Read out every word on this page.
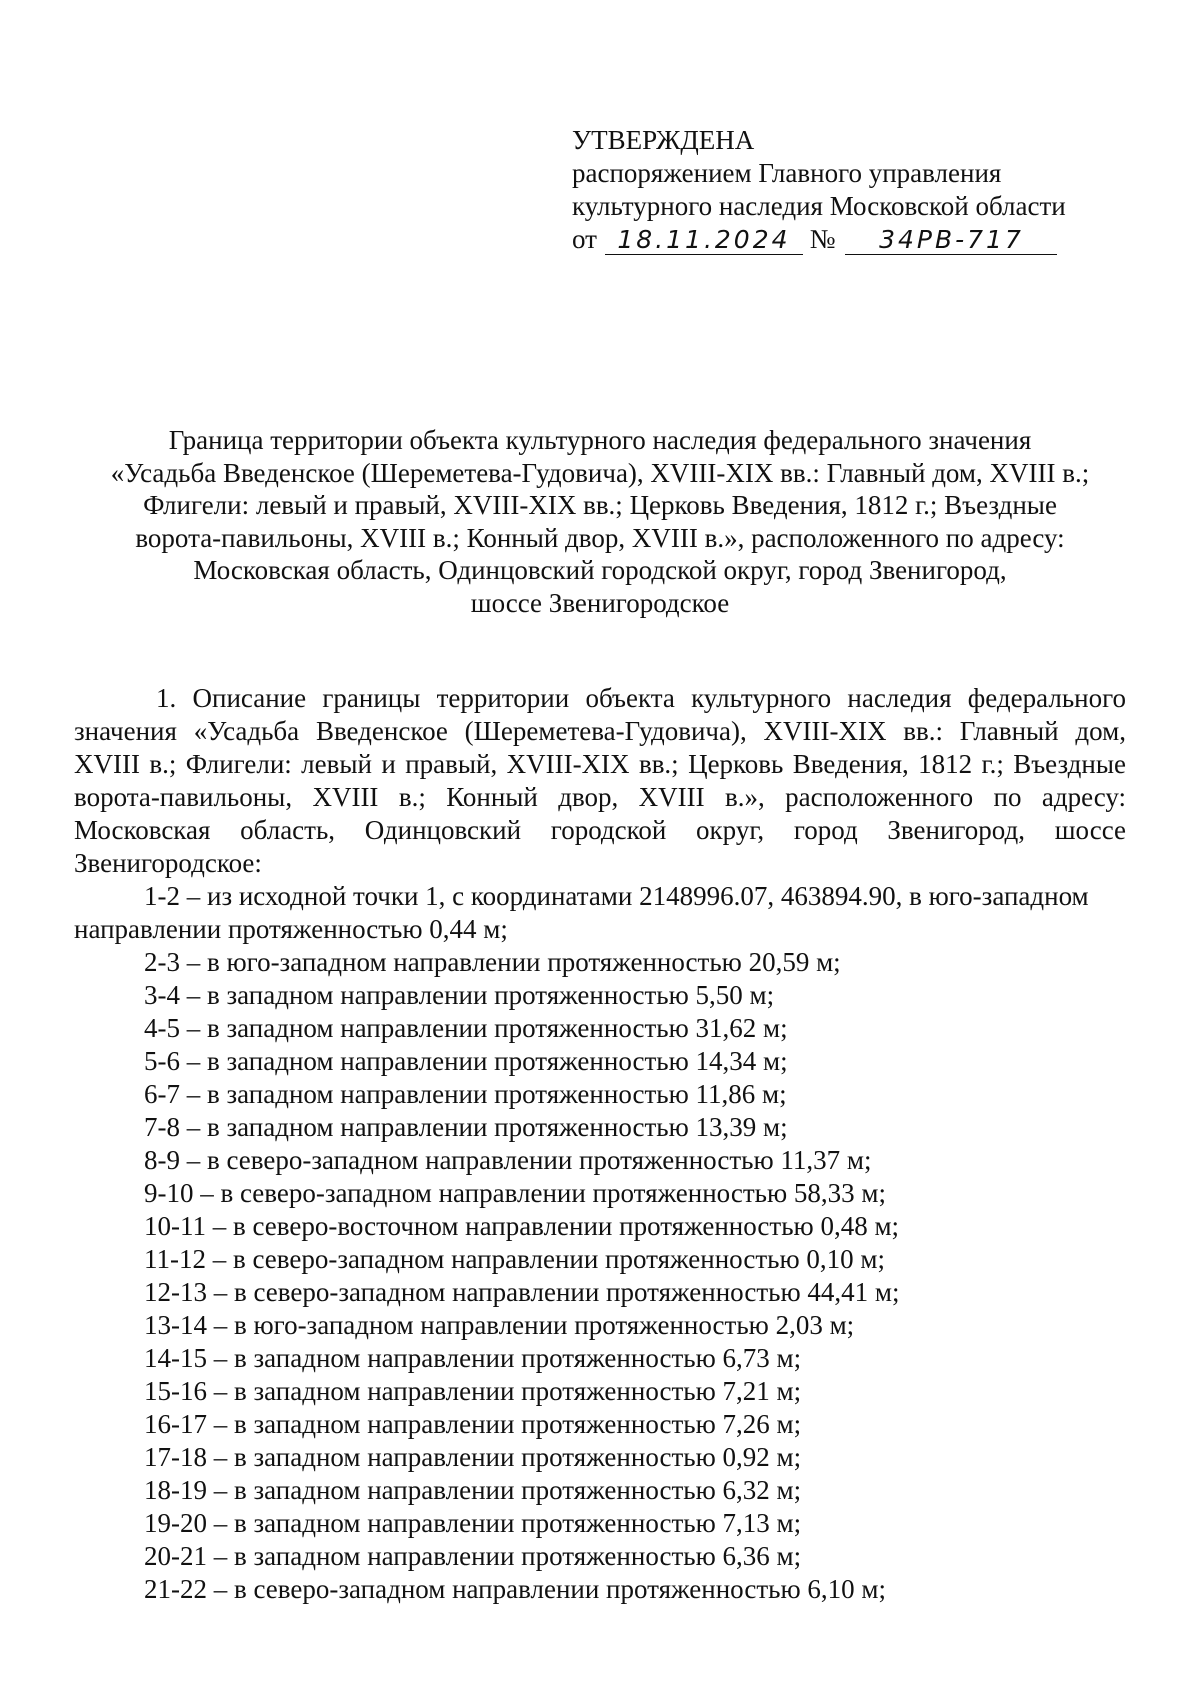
УТВЕРЖДЕНА
распоряжением Главного управления
культурного наследия Московской области
от 18.11.2024 № 34РВ-717
Граница территории объекта культурного наследия федерального значения
«Усадьба Введенское (Шереметева-Гудовича), XVIII-XIX вв.: Главный дом, XVIII в.;
Флигели: левый и правый, XVIII-XIX вв.; Церковь Введения, 1812 г.; Въездные
ворота-павильоны, XVIII в.; Конный двор, XVIII в.», расположенного по адресу:
Московская область, Одинцовский городской округ, город Звенигород,
шоссе Звенигородское

1. Описание границы территории объекта культурного наследия федерального значения «Усадьба Введенское (Шереметева-Гудовича), XVIII-XIX вв.: Главный дом, XVIII в.; Флигели: левый и правый, XVIII-XIX вв.; Церковь Введения, 1812 г.; Въездные ворота-павильоны, XVIII в.; Конный двор, XVIII в.», расположенного по адресу: Московская область, Одинцовский городской округ, город Звенигород, шоссе Звенигородское:

1-2 – из исходной точки 1, с координатами 2148996.07, 463894.90, в юго-западном направлении протяженностью 0,44 м;
2-3 – в юго-западном направлении протяженностью 20,59 м;
3-4 – в западном направлении протяженностью 5,50 м;
4-5 – в западном направлении протяженностью 31,62 м;
5-6 – в западном направлении протяженностью 14,34 м;
6-7 – в западном направлении протяженностью 11,86 м;
7-8 – в западном направлении протяженностью 13,39 м;
8-9 – в северо-западном направлении протяженностью 11,37 м;
9-10 – в северо-западном направлении протяженностью 58,33 м;
10-11 – в северо-восточном направлении протяженностью 0,48 м;
11-12 – в северо-западном направлении протяженностью 0,10 м;
12-13 – в северо-западном направлении протяженностью 44,41 м;
13-14 – в юго-западном направлении протяженностью 2,03 м;
14-15 – в западном направлении протяженностью 6,73 м;
15-16 – в западном направлении протяженностью 7,21 м;
16-17 – в западном направлении протяженностью 7,26 м;
17-18 – в западном направлении протяженностью 0,92 м;
18-19 – в западном направлении протяженностью 6,32 м;
19-20 – в западном направлении протяженностью 7,13 м;
20-21 – в западном направлении протяженностью 6,36 м;
21-22 – в северо-западном направлении протяженностью 6,10 м;
